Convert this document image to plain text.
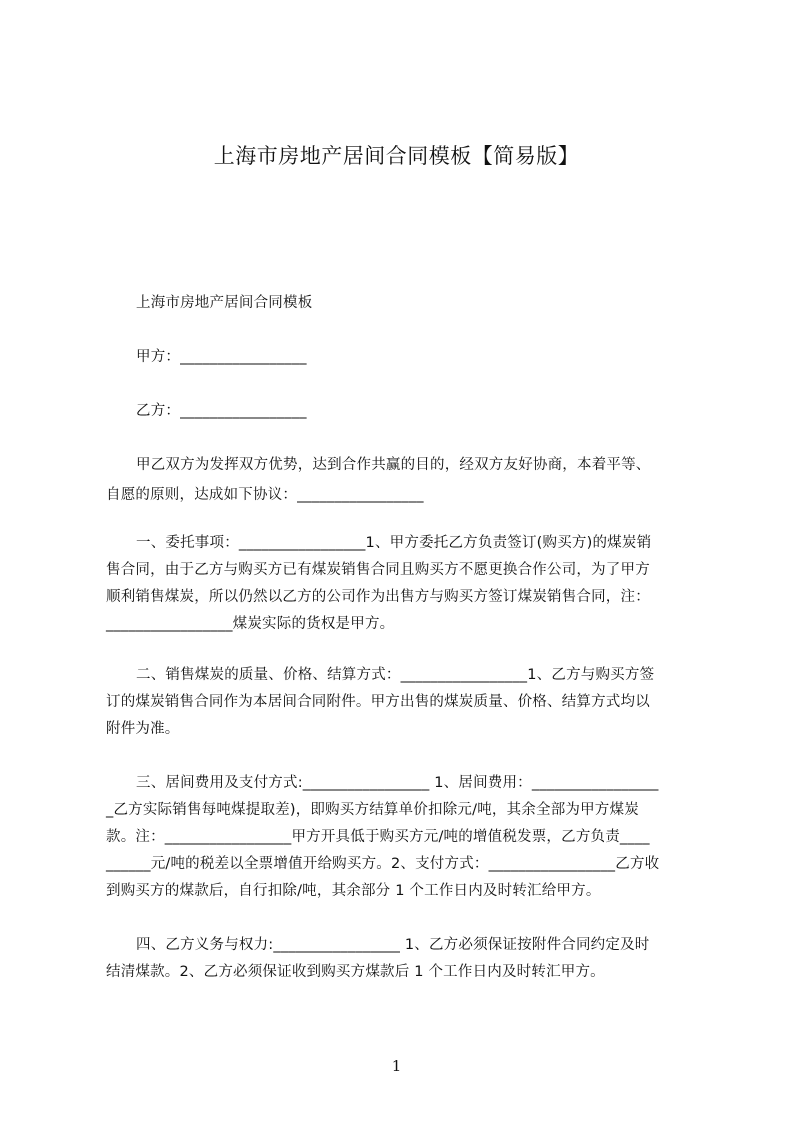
上海市房地产居间合同模板【简易版】
上海市房地产居间合同模板
甲方：_________________
乙方：_________________
甲乙双方为发挥双方优势，达到合作共赢的目的，经双方友好协商，本着平等、
自愿的原则，达成如下协议：_________________
一、委托事项：_________________1、甲方委托乙方负责签订(购买方)的煤炭销
售合同，由于乙方与购买方已有煤炭销售合同且购买方不愿更换合作公司，为了甲方
顺利销售煤炭，所以仍然以乙方的公司作为出售方与购买方签订煤炭销售合同，注：
_________________煤炭实际的货权是甲方。
二、销售煤炭的质量、价格、结算方式：_________________1、乙方与购买方签
订的煤炭销售合同作为本居间合同附件。甲方出售的煤炭质量、价格、结算方式均以
附件为准。
三、居间费用及支付方式:_________________ 1、居间费用：_________________
_乙方实际销售每吨煤提取差)，即购买方结算单价扣除元/吨，其余全部为甲方煤炭
款。注：_________________甲方开具低于购买方元/吨的增值税发票，乙方负责____
______元/吨的税差以全票增值开给购买方。2、支付方式：_________________乙方收
到购买方的煤款后，自行扣除/吨，其余部分 1 个工作日内及时转汇给甲方。
四、乙方义务与权力:_________________ 1、乙方必须保证按附件合同约定及时
结清煤款。2、乙方必须保证收到购买方煤款后 1 个工作日内及时转汇甲方。
1
